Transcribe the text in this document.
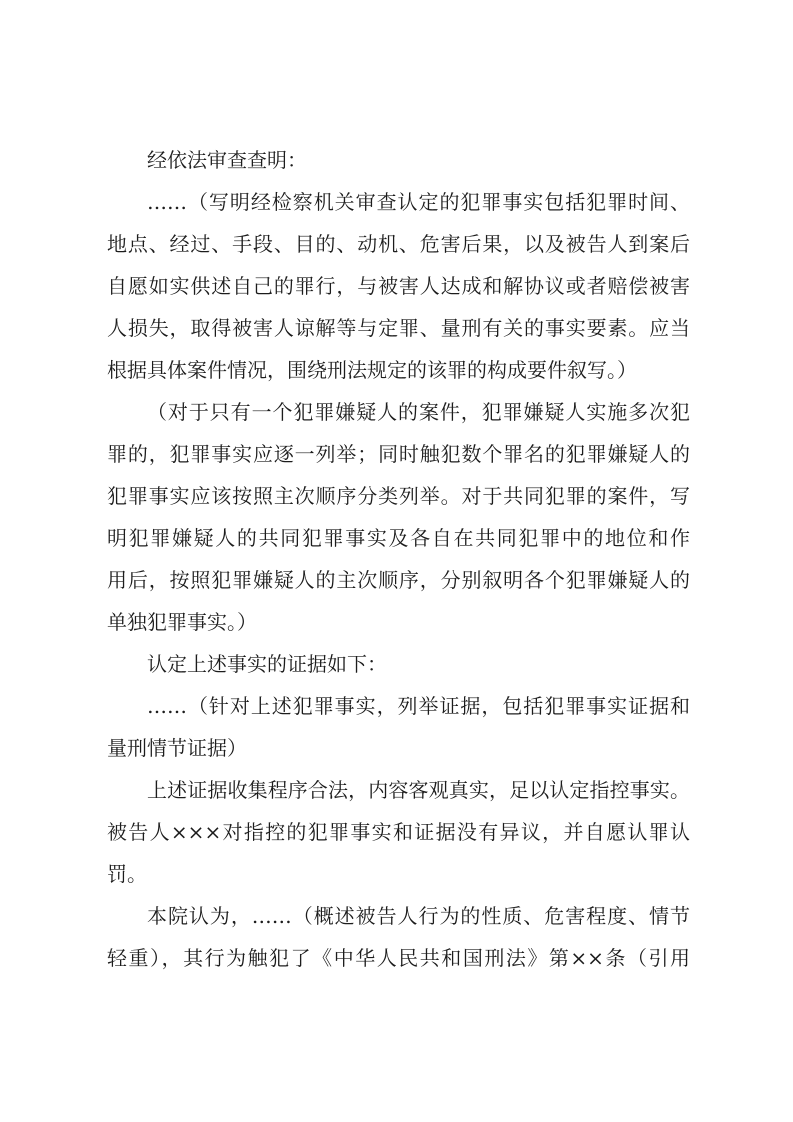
经依法审查查明：
……（写明经检察机关审查认定的犯罪事实包括犯罪时间、
地点、经过、手段、目的、动机、危害后果，以及被告人到案后
自愿如实供述自己的罪行，与被害人达成和解协议或者赔偿被害
人损失，取得被害人谅解等与定罪、量刑有关的事实要素。应当
根据具体案件情况，围绕刑法规定的该罪的构成要件叙写。）
（对于只有一个犯罪嫌疑人的案件，犯罪嫌疑人实施多次犯
罪的，犯罪事实应逐一列举；同时触犯数个罪名的犯罪嫌疑人的
犯罪事实应该按照主次顺序分类列举。对于共同犯罪的案件，写
明犯罪嫌疑人的共同犯罪事实及各自在共同犯罪中的地位和作
用后，按照犯罪嫌疑人的主次顺序，分别叙明各个犯罪嫌疑人的
单独犯罪事实。）
认定上述事实的证据如下：
……（针对上述犯罪事实，列举证据，包括犯罪事实证据和
量刑情节证据）
上述证据收集程序合法，内容客观真实，足以认定指控事实。
被告人×××对指控的犯罪事实和证据没有异议，并自愿认罪认
罚。
本院认为，……（概述被告人行为的性质、危害程度、情节
轻重），其行为触犯了《中华人民共和国刑法》第××条（引用
